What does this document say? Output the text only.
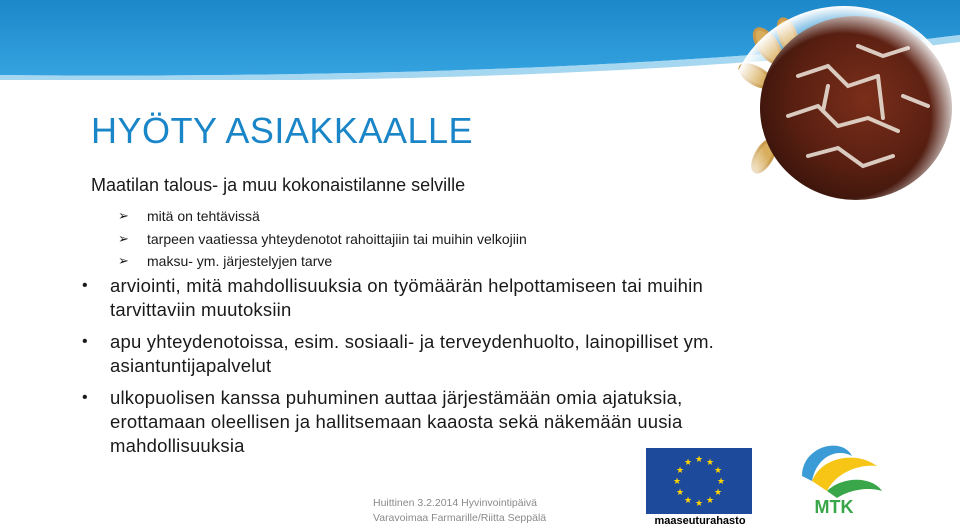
HYÖTY ASIAKKAALLE
Maatilan talous- ja muu kokonaistilanne selville
➢ mitä on tehtävissä
➢ tarpeen vaatiessa yhteydenotot rahoittajiin tai muihin velkojiin
➢ maksu- ym. järjestelyjen tarve
• arviointi, mitä mahdollisuuksia on työmäärän helpottamiseen tai muihin tarvittaviin muutoksiin
• apu yhteydenotoissa, esim. sosiaali- ja terveydenhuolto, lainopilliset ym. asiantuntijapalvelut
• ulkopuolisen kanssa puhuminen auttaa järjestämään omia ajatuksia, erottamaan oleellisen ja hallitsemaan kaaosta sekä näkemään uusia mahdollisuuksia
★ ★
★
★
★
★
★
★
★
★
★
★
maaseuturahasto
MTK
Huittinen 3.2.2014 Hyvinvointipäivä
Varavoimaa Farmarille/Riitta Seppälä
